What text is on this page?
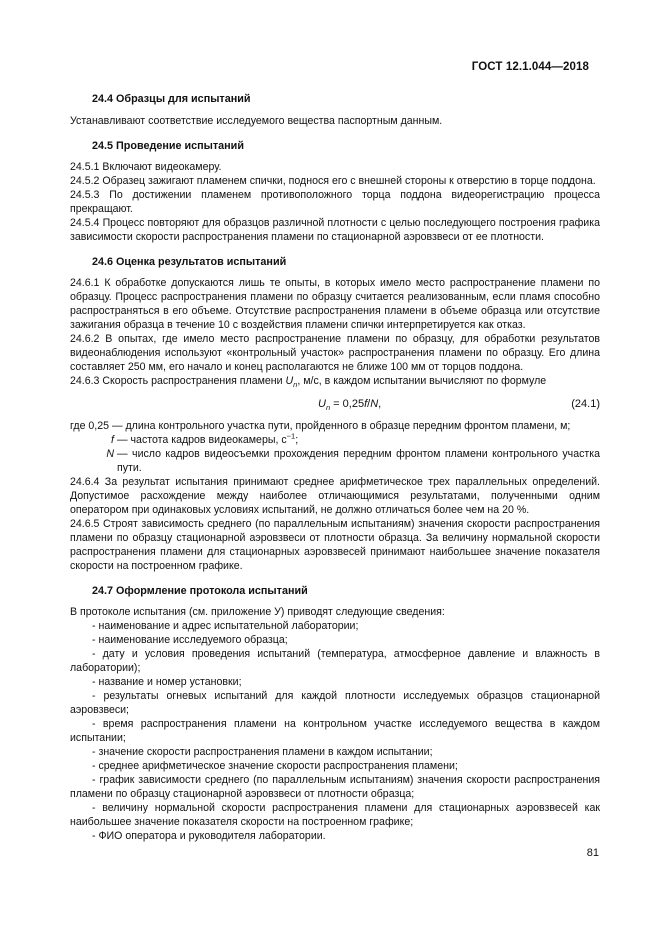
ГОСТ 12.1.044—2018
24.4 Образцы для испытаний

Устанавливают соответствие исследуемого вещества паспортным данным.

24.5 Проведение испытаний

24.5.1 Включают видеокамеру.

24.5.2 Образец зажигают пламенем спички, поднося его с внешней стороны к отверстию в торце поддона.

24.5.3 По достижении пламенем противоположного торца поддона видеорегистрацию процесса прекращают.

24.5.4 Процесс повторяют для образцов различной плотности с целью последующего построения графика зависимости скорости распространения пламени по стационарной аэровзвеси от ее плотности.

24.6 Оценка результатов испытаний

24.6.1 К обработке допускаются лишь те опыты, в которых имело место распространение пламени по образцу. Процесс распространения пламени по образцу считается реализованным, если пламя способно распространяться в его объеме. Отсутствие распространения пламени в объеме образца или отсутствие зажигания образца в течение 10 с воздействия пламени спички интерпретируется как отказ.

24.6.2 В опытах, где имело место распространение пламени по образцу, для обработки результатов видеонаблюдения используют «контрольный участок» распространения пламени по образцу. Его длина составляет 250 мм, его начало и конец располагаются не ближе 100 мм от торцов поддона.

24.6.3 Скорость распространения пламени $U_n$, м/с, в каждом испытании вычисляют по формуле

$U_n = 0,25f/N$,	(24.1)

где 0,25 — длина контрольного участка пути, пройденного в образце передним фронтом пламени, м;

f — частота кадров видеокамеры, $с^{-1}$;
N — число кадров видеосъемки прохождения передним фронтом пламени контрольного участка пути.

24.6.4 За результат испытания принимают среднее арифметическое трех параллельных определений. Допустимое расхождение между наиболее отличающимися результатами, полученными одним оператором при одинаковых условиях испытаний, не должно отличаться более чем на 20 %.

24.6.5 Строят зависимость среднего (по параллельным испытаниям) значения скорости распространения пламени по образцу стационарной аэровзвеси от плотности образца. За величину нормальной скорости распространения пламени для стационарных аэровзвесей принимают наибольшее значение показателя скорости на построенном графике.

24.7 Оформление протокола испытаний

В протоколе испытания (см. приложение У) приводят следующие сведения:

- наименование и адрес испытательной лаборатории;

- наименование исследуемого образца;

- дату и условия проведения испытаний (температура, атмосферное давление и влажность в лаборатории);

- название и номер установки;

- результаты огневых испытаний для каждой плотности исследуемых образцов стационарной аэровзвеси;

- время распространения пламени на контрольном участке исследуемого вещества в каждом испытании;

- значение скорости распространения пламени в каждом испытании;

- среднее арифметическое значение скорости распространения пламени;

- график зависимости среднего (по параллельным испытаниям) значения скорости распространения пламени по образцу стационарной аэровзвеси от плотности образца;

- величину нормальной скорости распространения пламени для стационарных аэровзвесей как наибольшее значение показателя скорости на построенном графике;

- ФИО оператора и руководителя лаборатории.

81
